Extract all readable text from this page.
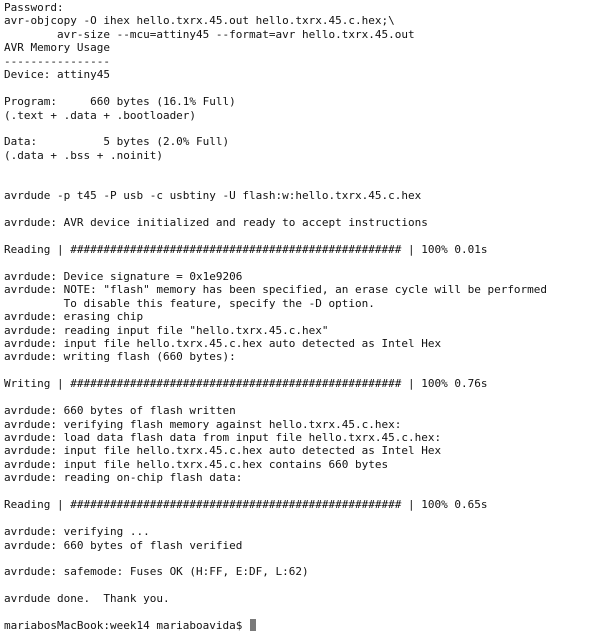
Password:
avr-objcopy -O ihex hello.txrx.45.out hello.txrx.45.c.hex;\
avr-size --mcu=attiny45 --format=avr hello.txrx.45.out
AVR Memory Usage
----------------
Device: attiny45
Program:     660 bytes (16.1% Full)
(.text + .data + .bootloader)
Data:          5 bytes (2.0% Full)
(.data + .bss + .noinit)
avrdude -p t45 -P usb -c usbtiny -U flash:w:hello.txrx.45.c.hex
avrdude: AVR device initialized and ready to accept instructions
Reading | ################################################## | 100% 0.01s
avrdude: Device signature = 0x1e9206
avrdude: NOTE: "flash" memory has been specified, an erase cycle will be performed
To disable this feature, specify the -D option.
avrdude: erasing chip
avrdude: reading input file "hello.txrx.45.c.hex"
avrdude: input file hello.txrx.45.c.hex auto detected as Intel Hex
avrdude: writing flash (660 bytes):
Writing | ################################################## | 100% 0.76s
avrdude: 660 bytes of flash written
avrdude: verifying flash memory against hello.txrx.45.c.hex:
avrdude: load data flash data from input file hello.txrx.45.c.hex:
avrdude: input file hello.txrx.45.c.hex auto detected as Intel Hex
avrdude: input file hello.txrx.45.c.hex contains 660 bytes
avrdude: reading on-chip flash data:
Reading | ################################################## | 100% 0.65s
avrdude: verifying ...
avrdude: 660 bytes of flash verified
avrdude: safemode: Fuses OK (H:FF, E:DF, L:62)
avrdude done.  Thank you.
mariabosMacBook:week14 mariaboavida$
